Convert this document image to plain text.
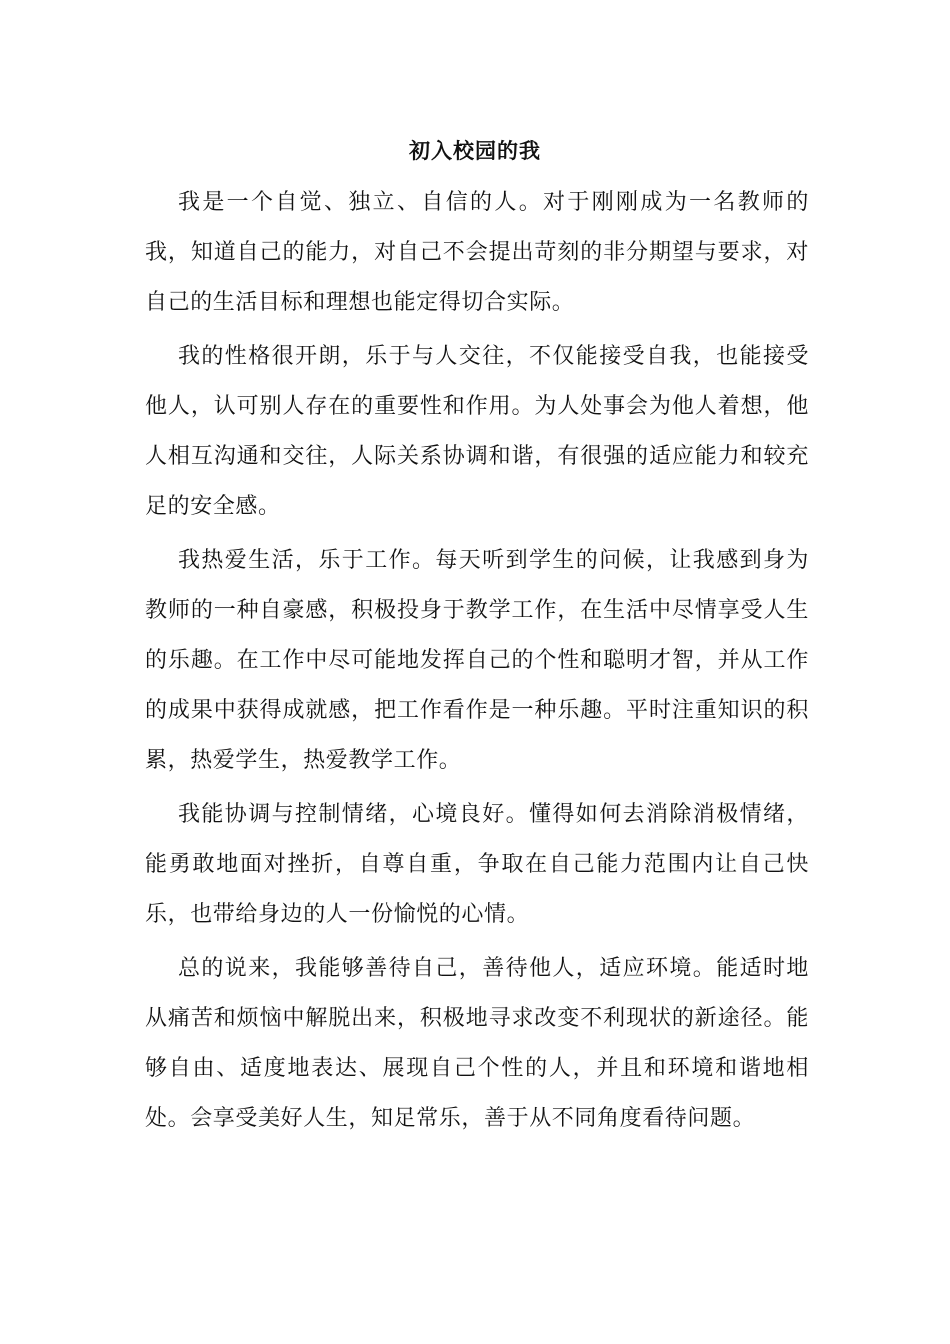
初入校园的我

我是一个自觉、独立、自信的人。对于刚刚成为一名教师的我，知道自己的能力，对自己不会提出苛刻的非分期望与要求，对自己的生活目标和理想也能定得切合实际。

我的性格很开朗，乐于与人交往，不仅能接受自我，也能接受他人，认可别人存在的重要性和作用。为人处事会为他人着想，他人相互沟通和交往，人际关系协调和谐，有很强的适应能力和较充足的安全感。

我热爱生活，乐于工作。每天听到学生的问候，让我感到身为教师的一种自豪感，积极投身于教学工作，在生活中尽情享受人生的乐趣。在工作中尽可能地发挥自己的个性和聪明才智，并从工作的成果中获得成就感，把工作看作是一种乐趣。平时注重知识的积累，热爱学生，热爱教学工作。

我能协调与控制情绪，心境良好。懂得如何去消除消极情绪，能勇敢地面对挫折，自尊自重，争取在自己能力范围内让自己快乐，也带给身边的人一份愉悦的心情。

总的说来，我能够善待自己，善待他人，适应环境。能适时地从痛苦和烦恼中解脱出来，积极地寻求改变不利现状的新途径。能够自由、适度地表达、展现自己个性的人，并且和环境和谐地相处。会享受美好人生，知足常乐，善于从不同角度看待问题。
